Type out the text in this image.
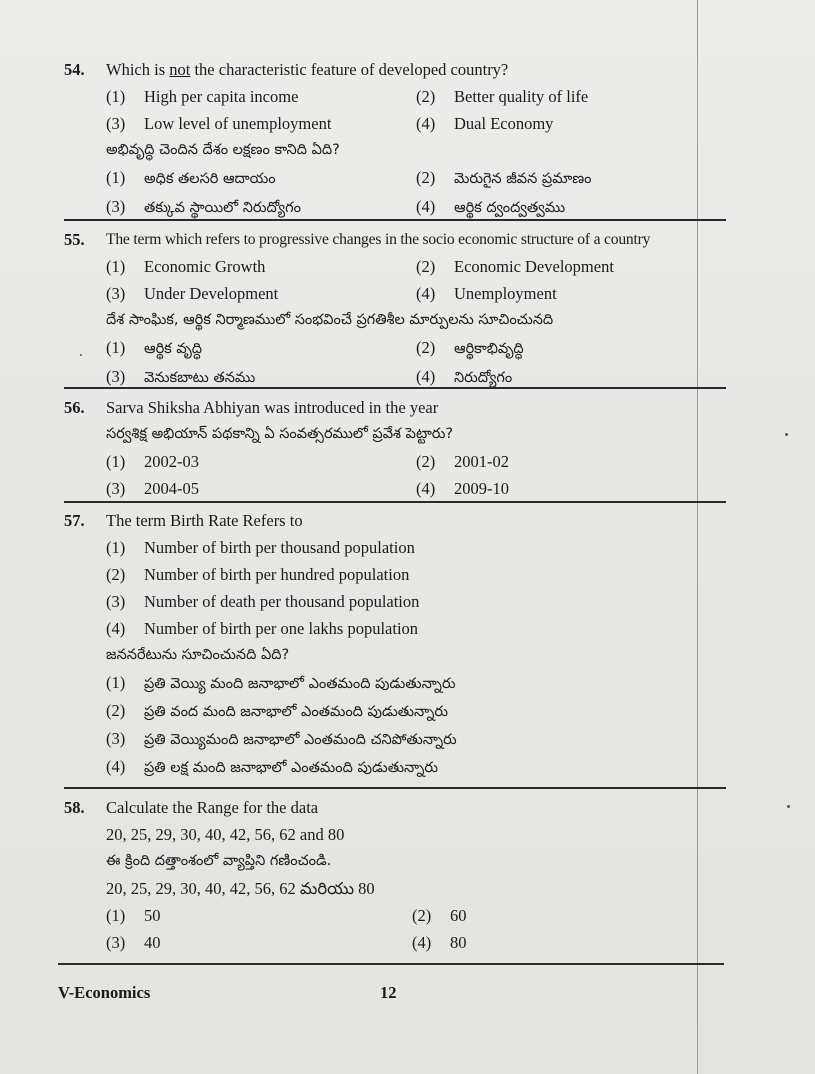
54. Which is not the characteristic feature of developed country?
(1) High per capita income	(2) Better quality of life
(3) Low level of unemployment	(4) Dual Economy
అభివృద్ధి చెందిన దేశం లక్షణం కానిది ఏది?
(1) అధిక తలసరి ఆదాయం	(2) మెరుగైన జీవన ప్రమాణం
(3) తక్కువ స్థాయిలో నిరుద్యోగం	(4) ఆర్థిక ద్వంద్వత్వము
55. The term which refers to progressive changes in the socio economic structure of a country
(1) Economic Growth	(2) Economic Development
(3) Under Development	(4) Unemployment
దేశ సాంఘిక, ఆర్థిక నిర్మాణములో సంభవించే ప్రగతిశీల మార్పులను సూచించునది
(1) ఆర్థిక వృద్ధి	(2) ఆర్థికాభివృద్ధి
(3) వెనుకబాటు తనము	(4) నిరుద్యోగం
56. Sarva Shiksha Abhiyan was introduced in the year
సర్వశిక్ష అభియాన్ పథకాన్ని ఏ సంవత్సరములో ప్రవేశ పెట్టారు?
(1) 2002-03	(2) 2001-02
(3) 2004-05	(4) 2009-10
57. The term Birth Rate Refers to
(1) Number of birth per thousand population
(2) Number of birth per hundred population
(3) Number of death per thousand population
(4) Number of birth per one lakhs population
జననరేటును సూచించునది ఏది?
(1) ప్రతి వెయ్యి మంది జనాభాలో ఎంతమంది పుడుతున్నారు
(2) ప్రతి వంద మంది జనాభాలో ఎంతమంది పుడుతున్నారు
(3) ప్రతి వెయ్యిమంది జనాభాలో ఎంతమంది చనిపోతున్నారు
(4) ప్రతి లక్ష మంది జనాభాలో ఎంతమంది పుడుతున్నారు
58. Calculate the Range for the data
20, 25, 29, 30, 40, 42, 56, 62 and 80
ఈ క్రింది దత్తాంశంలో వ్యాప్తిని గణించండి.
20, 25, 29, 30, 40, 42, 56, 62 మరియు 80
(1) 50	(2) 60
(3) 40	(4) 80
V-Economics	12
